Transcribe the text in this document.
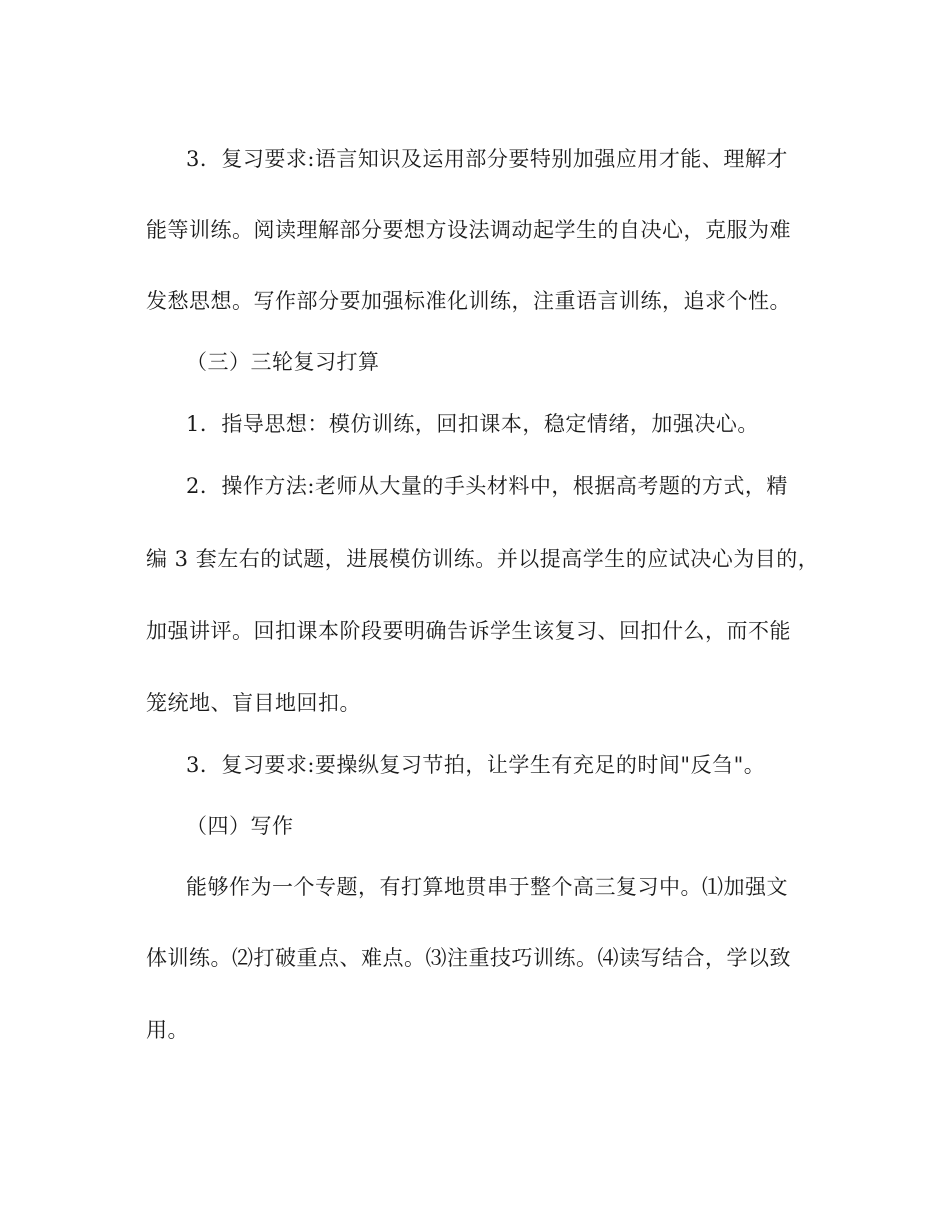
3．复习要求:语言知识及运用部分要特别加强应用才能、理解才
能等训练。阅读理解部分要想方设法调动起学生的自决心，克服为难
发愁思想。写作部分要加强标准化训练，注重语言训练，追求个性。
（三）三轮复习打算
1．指导思想：模仿训练，回扣课本，稳定情绪，加强决心。
2．操作方法:老师从大量的手头材料中，根据高考题的方式，精
编 3 套左右的试题，进展模仿训练。并以提高学生的应试决心为目的，
加强讲评。回扣课本阶段要明确告诉学生该复习、回扣什么，而不能
笼统地、盲目地回扣。
3．复习要求:要操纵复习节拍，让学生有充足的时间"反刍"。
（四）写作
能够作为一个专题，有打算地贯串于整个高三复习中。⑴加强文
体训练。⑵打破重点、难点。⑶注重技巧训练。⑷读写结合，学以致
用。
